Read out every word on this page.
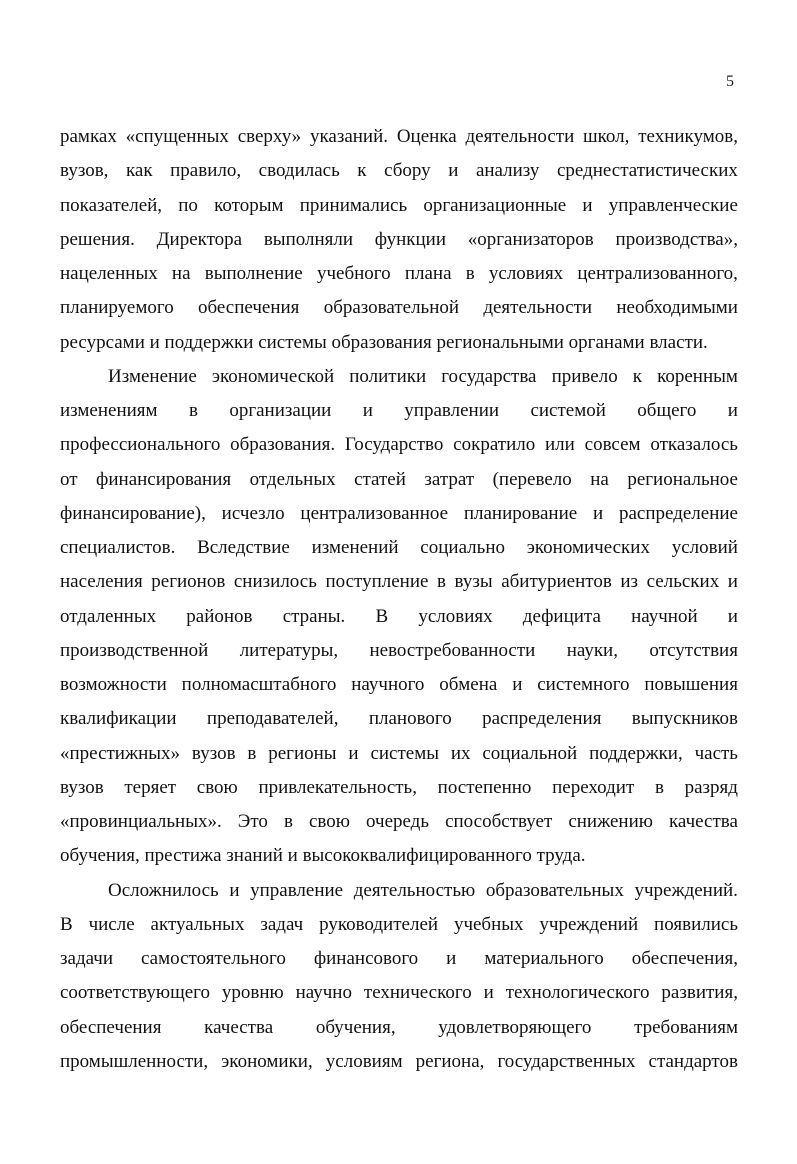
5
рамках «спущенных сверху» указаний. Оценка деятельности школ, техникумов,
вузов, как правило, сводилась к сбору и анализу среднестатистических
показателей, по которым принимались организационные и управленческие
решения. Директора выполняли функции «организаторов производства»,
нацеленных на выполнение учебного плана в условиях централизованного,
планируемого обеспечения образовательной деятельности необходимыми
ресурсами и поддержки системы образования региональными органами власти.
Изменение экономической политики государства привело к коренным
изменениям в организации и управлении системой общего и
профессионального образования. Государство сократило или совсем отказалось
от финансирования отдельных статей затрат (перевело на региональное
финансирование), исчезло централизованное планирование и распределение
специалистов. Вследствие изменений социально экономических условий
населения регионов снизилось поступление в вузы абитуриентов из сельских и
отдаленных районов страны. В условиях дефицита научной и
производственной литературы, невостребованности науки, отсутствия
возможности полномасштабного научного обмена и системного повышения
квалификации преподавателей, планового распределения выпускников
«престижных» вузов в регионы и системы их социальной поддержки, часть
вузов теряет свою привлекательность, постепенно переходит в разряд
«провинциальных». Это в свою очередь способствует снижению качества
обучения, престижа знаний и высококвалифицированного труда.
Осложнилось и управление деятельностью образовательных учреждений.
В числе актуальных задач руководителей учебных учреждений появились
задачи самостоятельного финансового и материального обеспечения,
соответствующего уровню научно технического и технологического развития,
обеспечения качества обучения, удовлетворяющего требованиям
промышленности, экономики, условиям региона, государственных стандартов
